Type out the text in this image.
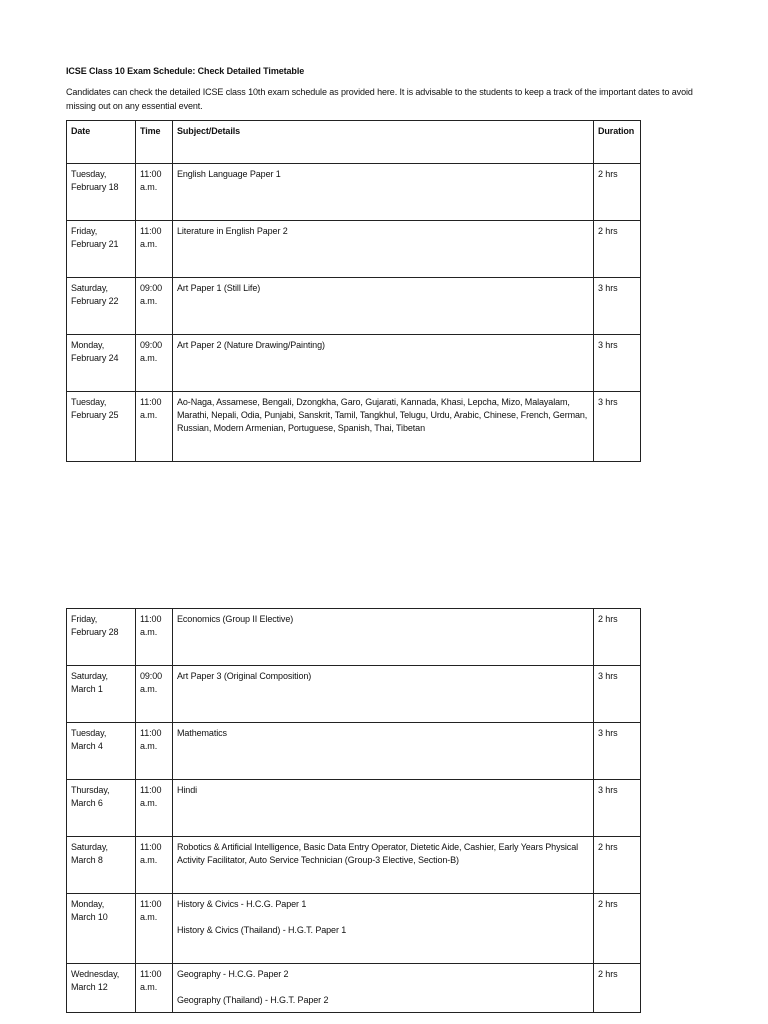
ICSE Class 10 Exam Schedule: Check Detailed Timetable
Candidates can check the detailed ICSE class 10th exam schedule as provided here. It is advisable to the students to keep a track of the important dates to avoid missing out on any essential event.
Date	Time	Subject/Details	Duration
Tuesday, February 18	11:00 a.m.	English Language Paper 1	2 hrs
Friday, February 21	11:00 a.m.	Literature in English Paper 2	2 hrs
Saturday, February 22	09:00 a.m.	Art Paper 1 (Still Life)	3 hrs
Monday, February 24	09:00 a.m.	Art Paper 2 (Nature Drawing/Painting)	3 hrs
Tuesday, February 25	11:00 a.m.	Ao-Naga, Assamese, Bengali, Dzongkha, Garo, Gujarati, Kannada, Khasi, Lepcha, Mizo, Malayalam, Marathi, Nepali, Odia, Punjabi, Sanskrit, Tamil, Tangkhul, Telugu, Urdu, Arabic, Chinese, French, German, Russian, Modern Armenian, Portuguese, Spanish, Thai, Tibetan	3 hrs
Friday, February 28	11:00 a.m.	Economics (Group II Elective)	2 hrs
Saturday, March 1	09:00 a.m.	Art Paper 3 (Original Composition)	3 hrs
Tuesday, March 4	11:00 a.m.	Mathematics	3 hrs
Thursday, March 6	11:00 a.m.	Hindi	3 hrs
Saturday, March 8	11:00 a.m.	Robotics & Artificial Intelligence, Basic Data Entry Operator, Dietetic Aide, Cashier, Early Years Physical Activity Facilitator, Auto Service Technician (Group-3 Elective, Section-B)	2 hrs
Monday, March 10	11:00 a.m.	History & Civics - H.C.G. Paper 1
History & Civics (Thailand) - H.G.T. Paper 1	2 hrs
Wednesday, March 12	11:00 a.m.	Geography - H.C.G. Paper 2
Geography (Thailand) - H.G.T. Paper 2	2 hrs
